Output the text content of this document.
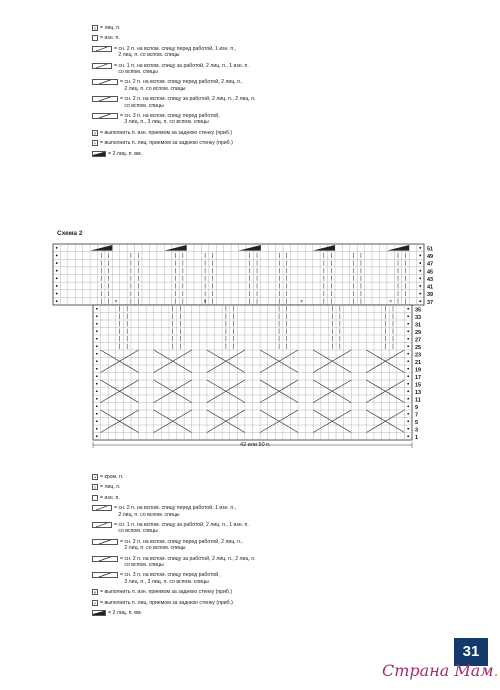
I = лиц. п.
= изн. п.
= сн. 2 п. на вспом. спицу перед работой, 1 изн. п.,
2 лиц. п. со вспом. спицы
= сн. 1 п. на вспом. спицу за работой, 2 лиц. п., 1 изн. п.
со вспом. спицы
= сн. 2 п. на вспом. спицу перед работой, 2 лиц. п.,
2 лиц. п. со вспом. спицы
= сн. 2 п. на вспом. спицу за работой, 2 лиц. п., 2 лиц. п.
со вспом. спицы
= сн. 3 п. на вспом. спицу перед работой,
3 лиц. п., 3 лиц. п. со вспом. спицы
× = выполнить п. изн. приемом за заднюю стенку (приб.)
+ = выполнить п. лиц. приемом за заднюю стенку (приб.)
= 2 лиц. п. вм.
Схема 2
×	×	×	×
51
49
47
45
43
41
39
37
35
33
31
29
27
25
23
21
19
17
15
13
11
9
7
5
3
1
42 или 50 п.
• = кром. п.
I = лиц. п.
= изн. п.
= сн. 2 п. на вспом. спицу перед работой, 1 изн. п.,
2 лиц. п. со вспом. спицы
= сн. 1 п. на вспом. спицу за работой, 2 лиц. п., 1 изн. п.
со вспом. спицы
= сн. 2 п. на вспом. спицу перед работой, 2 лиц. п.,
2 лиц. п. со вспом. спицы
= сн. 2 п. на вспом. спицу за работой, 2 лиц. п., 2 лиц. п.
со вспом. спицы
= сн. 3 п. на вспом. спицу перед работой,
3 лиц. п., 3 лиц. п. со вспом. спицы
× = выполнить п. изн. приемом за заднюю стенку (приб.)
+ = выполнить п. лиц. приемом за заднюю стенку (приб.)
= 2 лиц. п. вм.
31
Страна Мам.
